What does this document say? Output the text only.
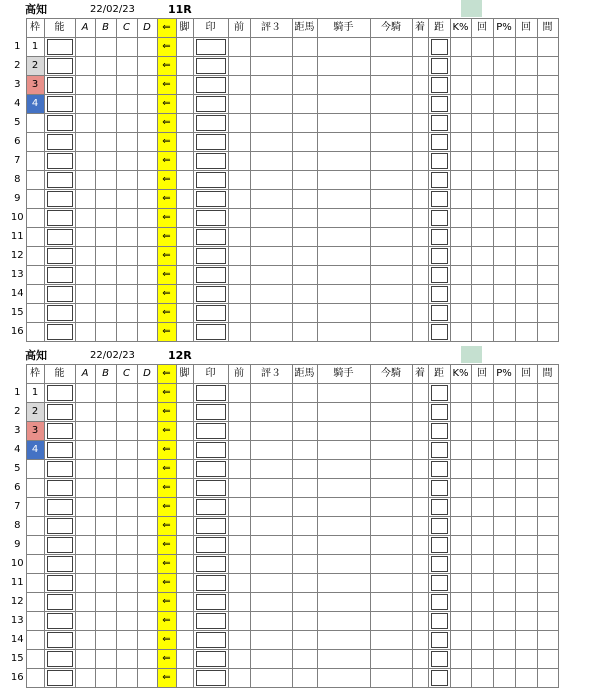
高知	22/02/23	11R
	枠	能	A	B	C	D	⇐	脚	印	前	評３	距馬	騎手	今騎	着	距	K%	回	P%	回	間
1	1						⇐		

2	2						⇐		

3	3						⇐		

4	4						⇐		

5							⇐		

6							⇐		

7							⇐		

8							⇐		

9							⇐		

10							⇐		

11							⇐		

12							⇐		

13							⇐		

14							⇐		

15							⇐		

16							⇐		

高知	22/02/23	12R
	枠	能	A	B	C	D	⇐	脚	印	前	評３	距馬	騎手	今騎	着	距	K%	回	P%	回	間
1	1						⇐		

2	2						⇐		

3	3						⇐		

4	4						⇐		

5							⇐		

6							⇐		

7							⇐		

8							⇐		

9							⇐		

10							⇐		

11							⇐		

12							⇐		

13							⇐		

14							⇐		

15							⇐		

16							⇐		
